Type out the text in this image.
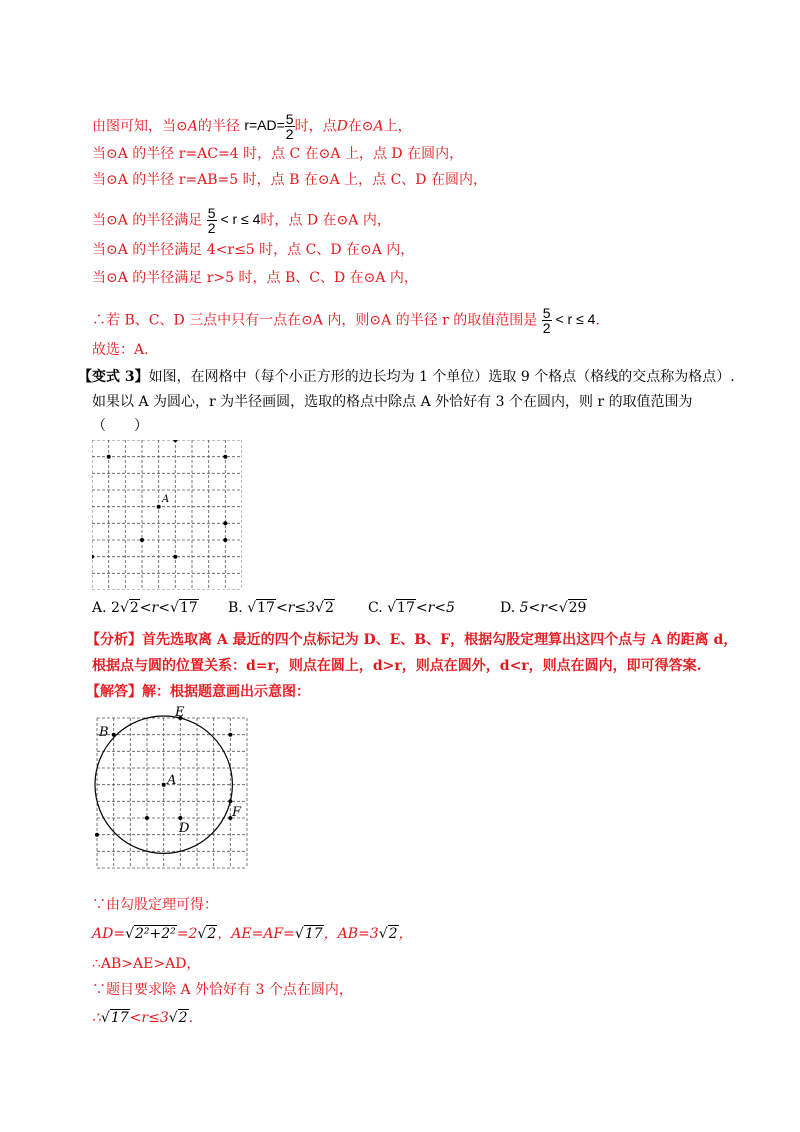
由图可知，当⊙A的半径 $r=AD= \frac{5}{2}$ 时，点D在⊙A上，
当⊙A 的半径 r=AC=4 时，点 C 在⊙A 上，点 D 在圆内，
当⊙A 的半径 r=AB=5 时，点 B 在⊙A 上，点 C、D 在圆内，
当⊙A 的半径满足 $\frac{5}{2} < r \le 4$时，点 D 在⊙A 内，
当⊙A 的半径满足 4<r≤5 时，点 C、D 在⊙A 内，
当⊙A 的半径满足 r>5 时，点 B、C、D 在⊙A 内，
∴若 B、C、D 三点中只有一点在⊙A 内，则⊙A 的半径 r 的取值范围是 $\frac{5}{2} < r \le 4$.
故选：A.
【变式 3】如图，在网格中（每个小正方形的边长均为 1 个单位）选取 9 个格点（格线的交点称为格点）.
如果以 A 为圆心，r 为半径画圆，选取的格点中除点 A 外恰好有 3 个在圆内，则 r 的取值范围为
（　　）
A
A. 2√2<r<√17 B. √17<r≤3√2 C. √17<r<5	D. 5<r<√29
【分析】首先选取离 A 最近的四个点标记为 D、E、B、F，根据勾股定理算出这四个点与 A 的距离 d，
根据点与圆的位置关系：d=r，则点在圆上，d>r，则点在圆外，d<r，则点在圆内，即可得答案.
【解答】解：根据题意画出示意图：
E
B
A
D
F
∵由勾股定理可得：
AD=√2²+2²=2√2，AE=AF=√17，AB=3√2，
∴AB>AE>AD，
∵题目要求除 A 外恰好有 3 个点在圆内，
∴√17<r≤3√2.
